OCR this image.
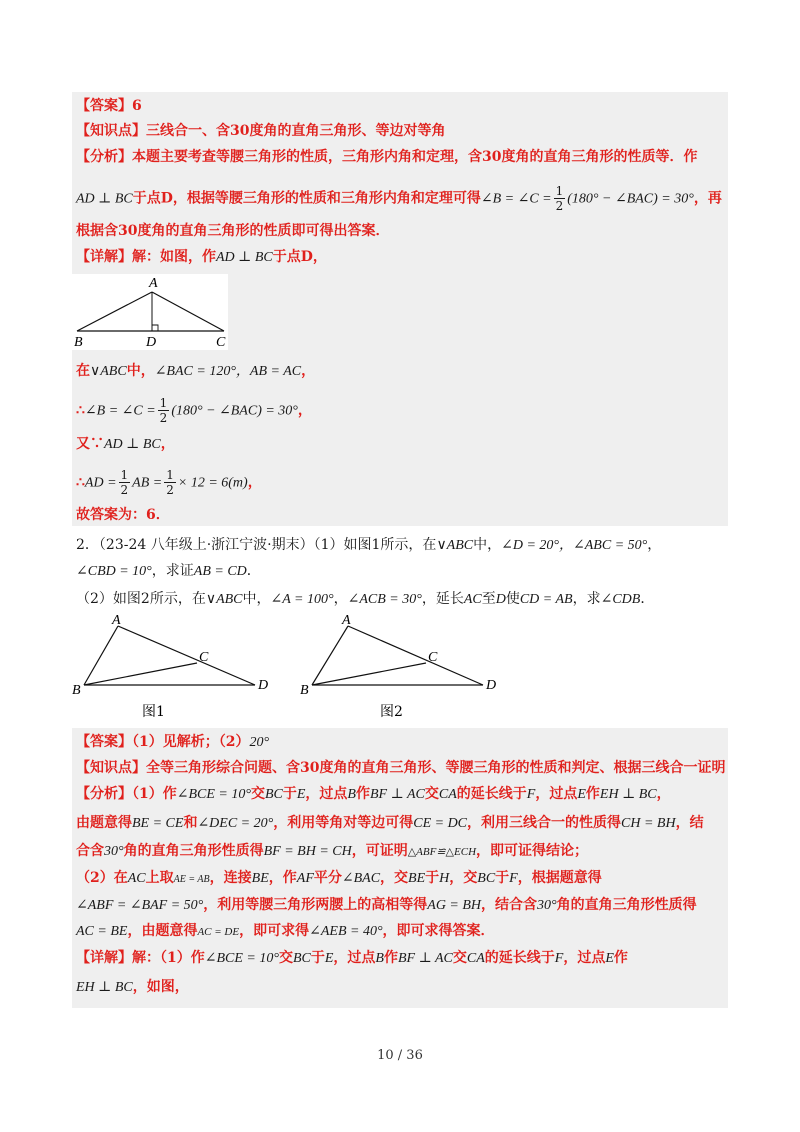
【答案】6
【知识点】三线合一、含30度角的直角三角形、等边对等角
【分析】本题主要考查等腰三角形的性质，三角形内角和定理，含30度角的直角三角形的性质等．作
AD ⊥ BC于点D，根据等腰三角形的性质和三角形内角和定理可得∠B = ∠C = $\frac{1}{2} (180^\circ$ − ∠BAC) = 30°，再
根据含30度角的直角三角形的性质即可得出答案．
【详解】解：如图，作AD ⊥ BC于点D，
A
B	D	C
在∨ABC中，∠BAC = 120°，AB = AC，
∴∠B = ∠C = $\frac{1}{2} (180^\circ$ − ∠BAC) = 30°，
又∵AD ⊥ BC，
∴AD = $\frac{1}{2}$ AB = $\frac{1}{2} \times 12 = 6(m)$，
故答案为：6．
2．（23-24 八年级上·浙江宁波·期末）（1）如图1所示，在∨ABC中，∠D = 20°，∠ABC = 50°，
∠CBD = 10°，求证AB = CD．
（2）如图2所示，在∨ABC中，∠A = 100°，∠ACB = 30°，延长AC至D使CD = AB，求∠CDB．
A
B
C
D
图1
A
B
C
D
图2
【答案】（1）见解析；（2）20°
【知识点】全等三角形综合问题、含30度角的直角三角形、等腰三角形的性质和判定、根据三线合一证明
【分析】（1）作∠BCE = 10°交BC于E，过点B作BF ⊥ AC交CA的延长线于F，过点E作EH ⊥ BC，
由题意得BE = CE和∠DEC = 20°，利用等角对等边可得CE = DC，利用三线合一的性质得CH = BH，结
合含30°角的直角三角形性质得BF = BH = CH，可证明△ABF≌△ECH，即可证得结论；
（2）在AC上取AE = AB，连接BE，作AF平分∠BAC，交BE于H，交BC于F，根据题意得
∠ABF = ∠BAF = 50°，利用等腰三角形两腰上的高相等得AG = BH，结合含30°角的直角三角形性质得
AC = BE，由题意得AC = DE，即可求得∠AEB = 40°，即可求得答案．
【详解】解：（1）作∠BCE = 10°交BC于E，过点B作BF ⊥ AC交CA的延长线于F，过点E作
EH ⊥ BC，如图，
10 / 36
